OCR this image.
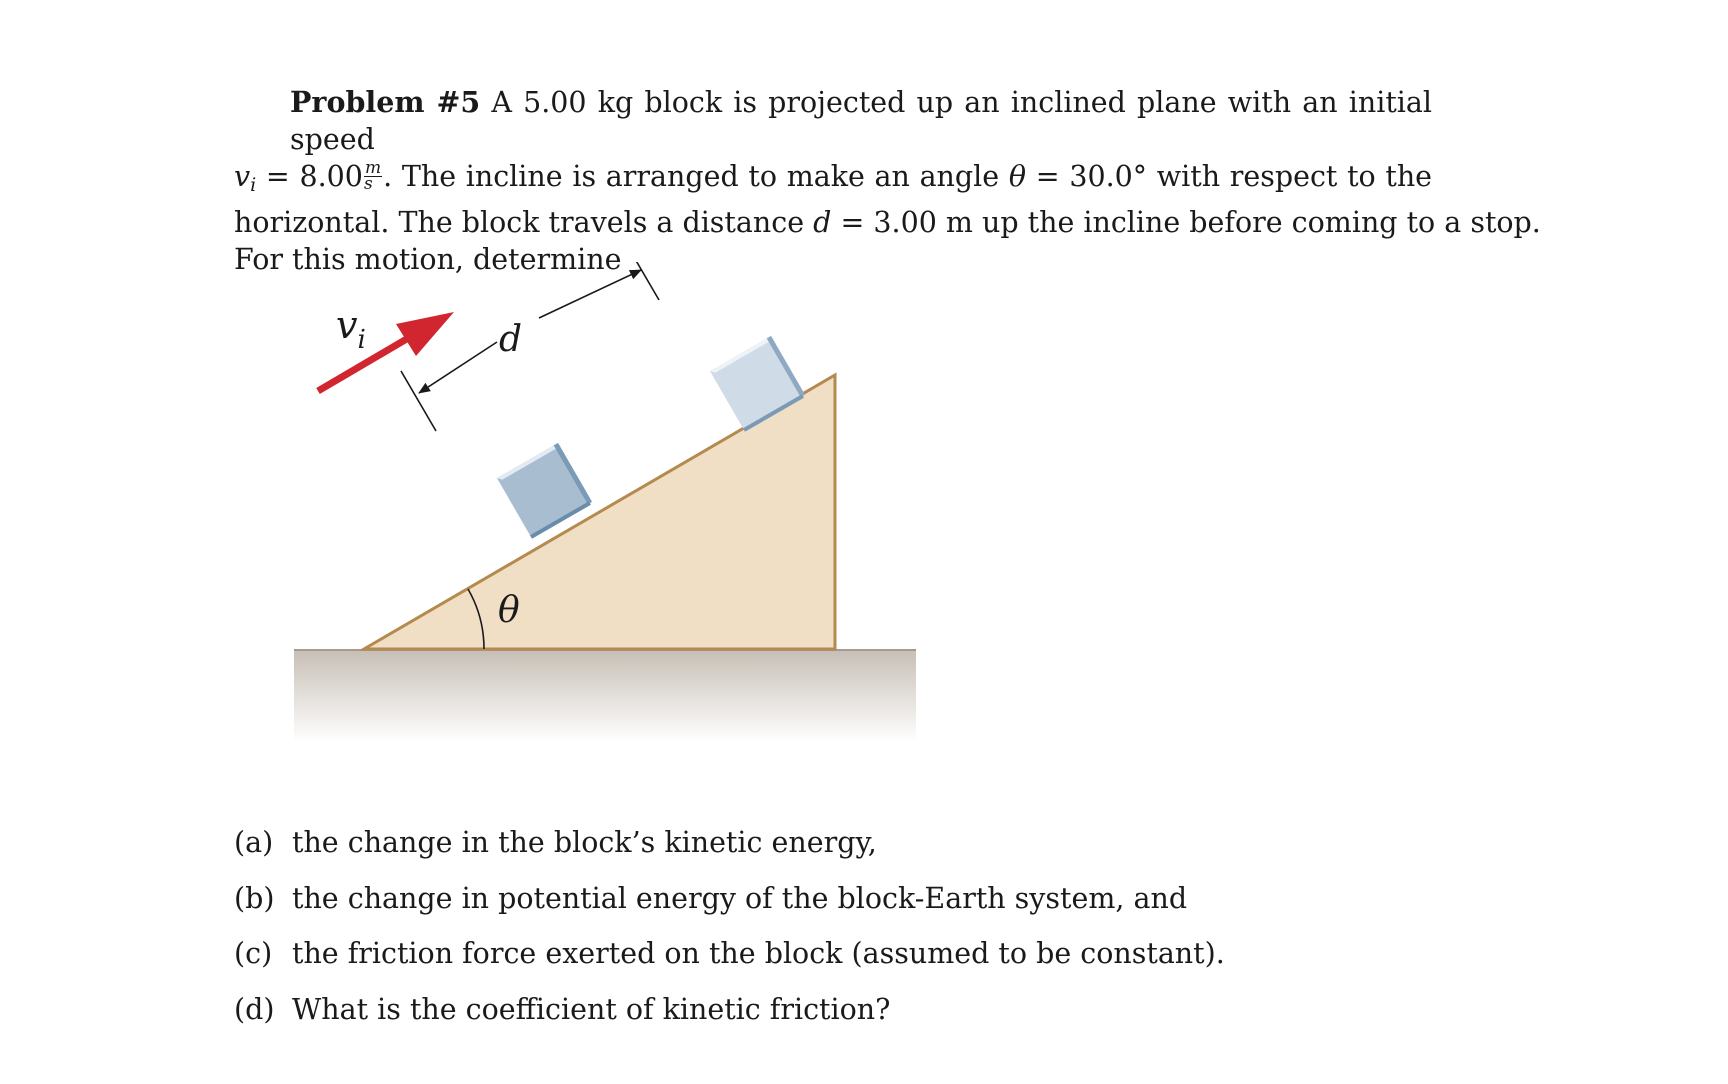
Problem #5 A 5.00 kg block is projected up an inclined plane with an initial speed
$v_i = 8.00 \frac{m}{s}$ . The incline is arranged to make an angle θ = 30.0° with respect to the
horizontal. The block travels a distance d = 3.00 m up the incline before coming to a stop.
For this motion, determine
θ
d
$v_i$
(a) the change in the block’s kinetic energy,
(b) the change in potential energy of the block-Earth system, and
(c) the friction force exerted on the block (assumed to be constant).
(d) What is the coefficient of kinetic friction?
